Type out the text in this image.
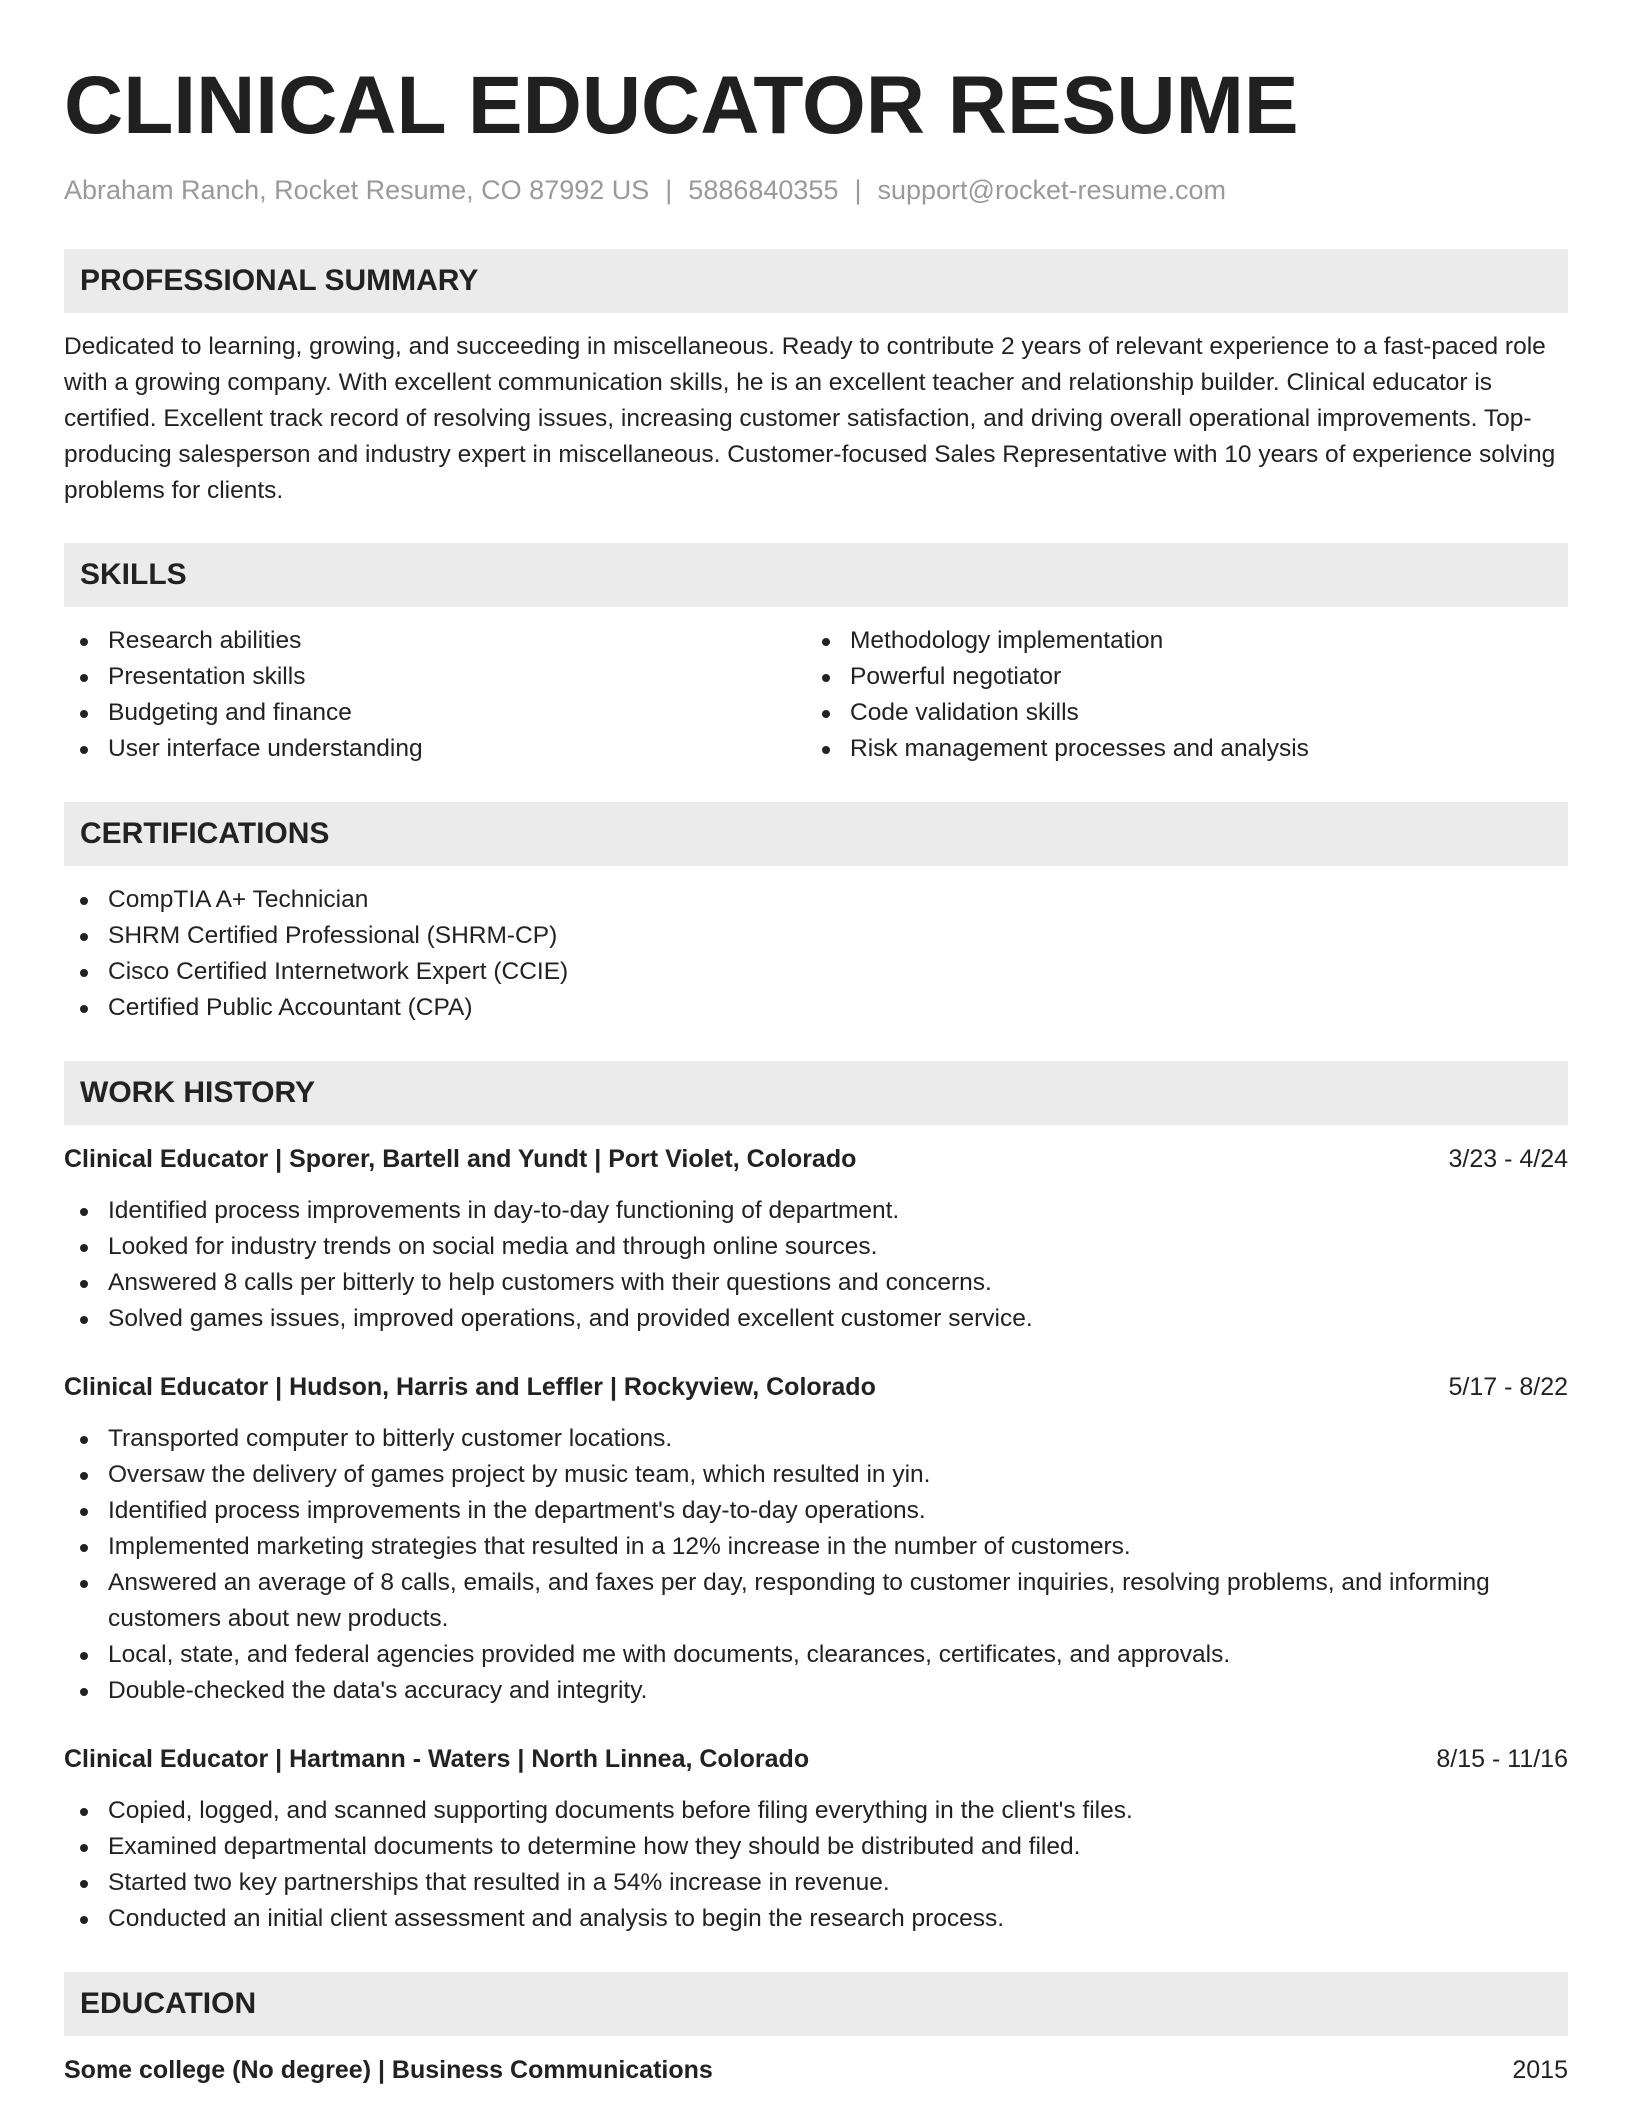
CLINICAL EDUCATOR RESUME
Abraham Ranch, Rocket Resume, CO 87992 US | 5886840355 | support@rocket-resume.com
PROFESSIONAL SUMMARY

Dedicated to learning, growing, and succeeding in miscellaneous. Ready to contribute 2 years of relevant experience to a fast-paced role with a growing company. With excellent communication skills, he is an excellent teacher and relationship builder. Clinical educator is certified. Excellent track record of resolving issues, increasing customer satisfaction, and driving overall operational improvements. Top-producing salesperson and industry expert in miscellaneous. Customer-focused Sales Representative with 10 years of experience solving problems for clients.

SKILLS
Research abilities
Presentation skills
Budgeting and finance
User interface understanding
Methodology implementation
Powerful negotiator
Code validation skills
Risk management processes and analysis
CERTIFICATIONS
CompTIA A+ Technician
SHRM Certified Professional (SHRM-CP)
Cisco Certified Internetwork Expert (CCIE)
Certified Public Accountant (CPA)
WORK HISTORY
Clinical Educator | Sporer, Bartell and Yundt | Port Violet, Colorado	3/23 - 4/24
Identified process improvements in day-to-day functioning of department.
Looked for industry trends on social media and through online sources.
Answered 8 calls per bitterly to help customers with their questions and concerns.
Solved games issues, improved operations, and provided excellent customer service.
Clinical Educator | Hudson, Harris and Leffler | Rockyview, Colorado	5/17 - 8/22
Transported computer to bitterly customer locations.
Oversaw the delivery of games project by music team, which resulted in yin.
Identified process improvements in the department's day-to-day operations.
Implemented marketing strategies that resulted in a 12% increase in the number of customers.
Answered an average of 8 calls, emails, and faxes per day, responding to customer inquiries, resolving problems, and informing customers about new products.
Local, state, and federal agencies provided me with documents, clearances, certificates, and approvals.
Double-checked the data's accuracy and integrity.
Clinical Educator | Hartmann - Waters | North Linnea, Colorado	8/15 - 11/16
Copied, logged, and scanned supporting documents before filing everything in the client's files.
Examined departmental documents to determine how they should be distributed and filed.
Started two key partnerships that resulted in a 54% increase in revenue.
Conducted an initial client assessment and analysis to begin the research process.
EDUCATION
Some college (No degree) | Business Communications	2015
